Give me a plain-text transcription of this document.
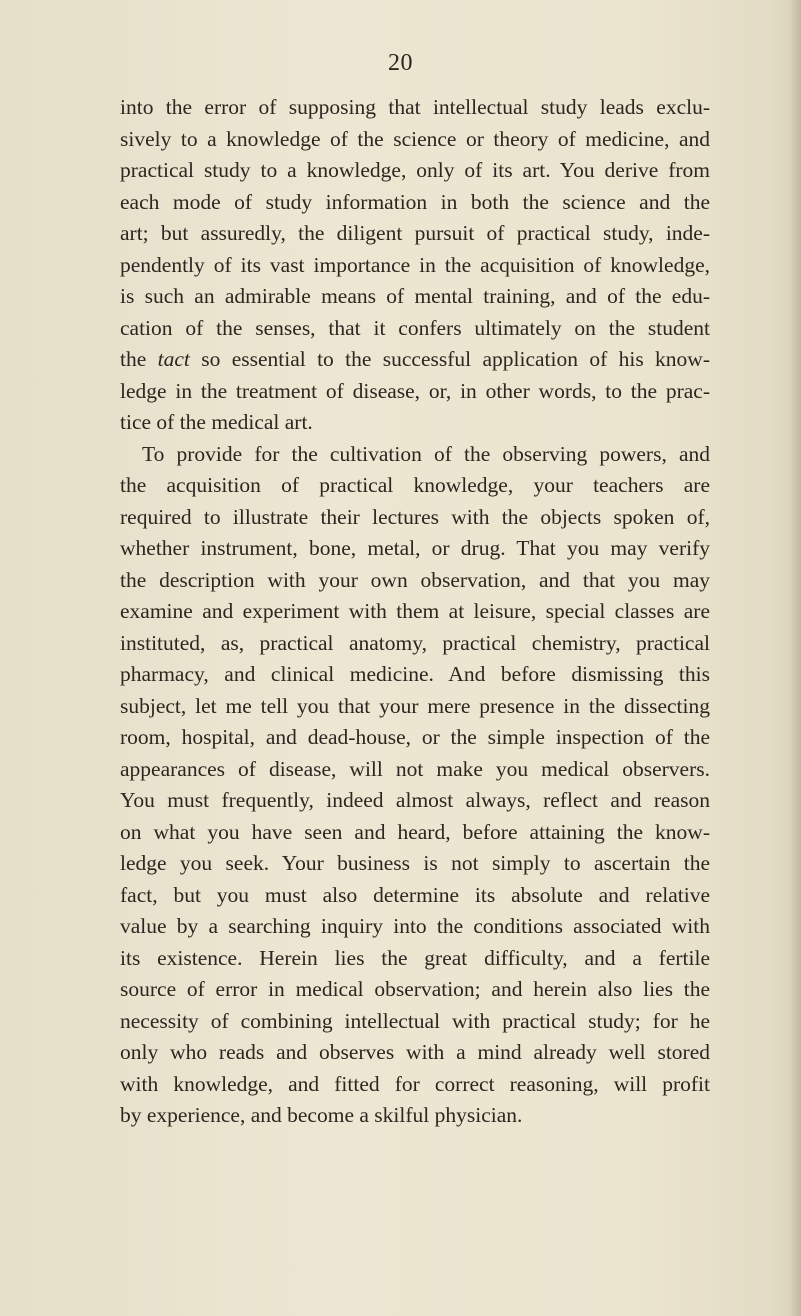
20
into the error of supposing that intellectual study leads exclu-
sively to a knowledge of the science or theory of medicine, and
practical study to a knowledge, only of its art. You derive from
each mode of study information in both the science and the
art; but assuredly, the diligent pursuit of practical study, inde-
pendently of its vast importance in the acquisition of knowledge,
is such an admirable means of mental training, and of the edu-
cation of the senses, that it confers ultimately on the student
the tact so essential to the successful application of his know-
ledge in the treatment of disease, or, in other words, to the prac-
tice of the medical art.
To provide for the cultivation of the observing powers, and
the acquisition of practical knowledge, your teachers are
required to illustrate their lectures with the objects spoken of,
whether instrument, bone, metal, or drug. That you may verify
the description with your own observation, and that you may
examine and experiment with them at leisure, special classes are
instituted, as, practical anatomy, practical chemistry, practical
pharmacy, and clinical medicine. And before dismissing this
subject, let me tell you that your mere presence in the dissecting
room, hospital, and dead-house, or the simple inspection of the
appearances of disease, will not make you medical observers.
You must frequently, indeed almost always, reflect and reason
on what you have seen and heard, before attaining the know-
ledge you seek. Your business is not simply to ascertain the
fact, but you must also determine its absolute and relative
value by a searching inquiry into the conditions associated with
its existence. Herein lies the great difficulty, and a fertile
source of error in medical observation; and herein also lies the
necessity of combining intellectual with practical study; for he
only who reads and observes with a mind already well stored
with knowledge, and fitted for correct reasoning, will profit
by experience, and become a skilful physician.
